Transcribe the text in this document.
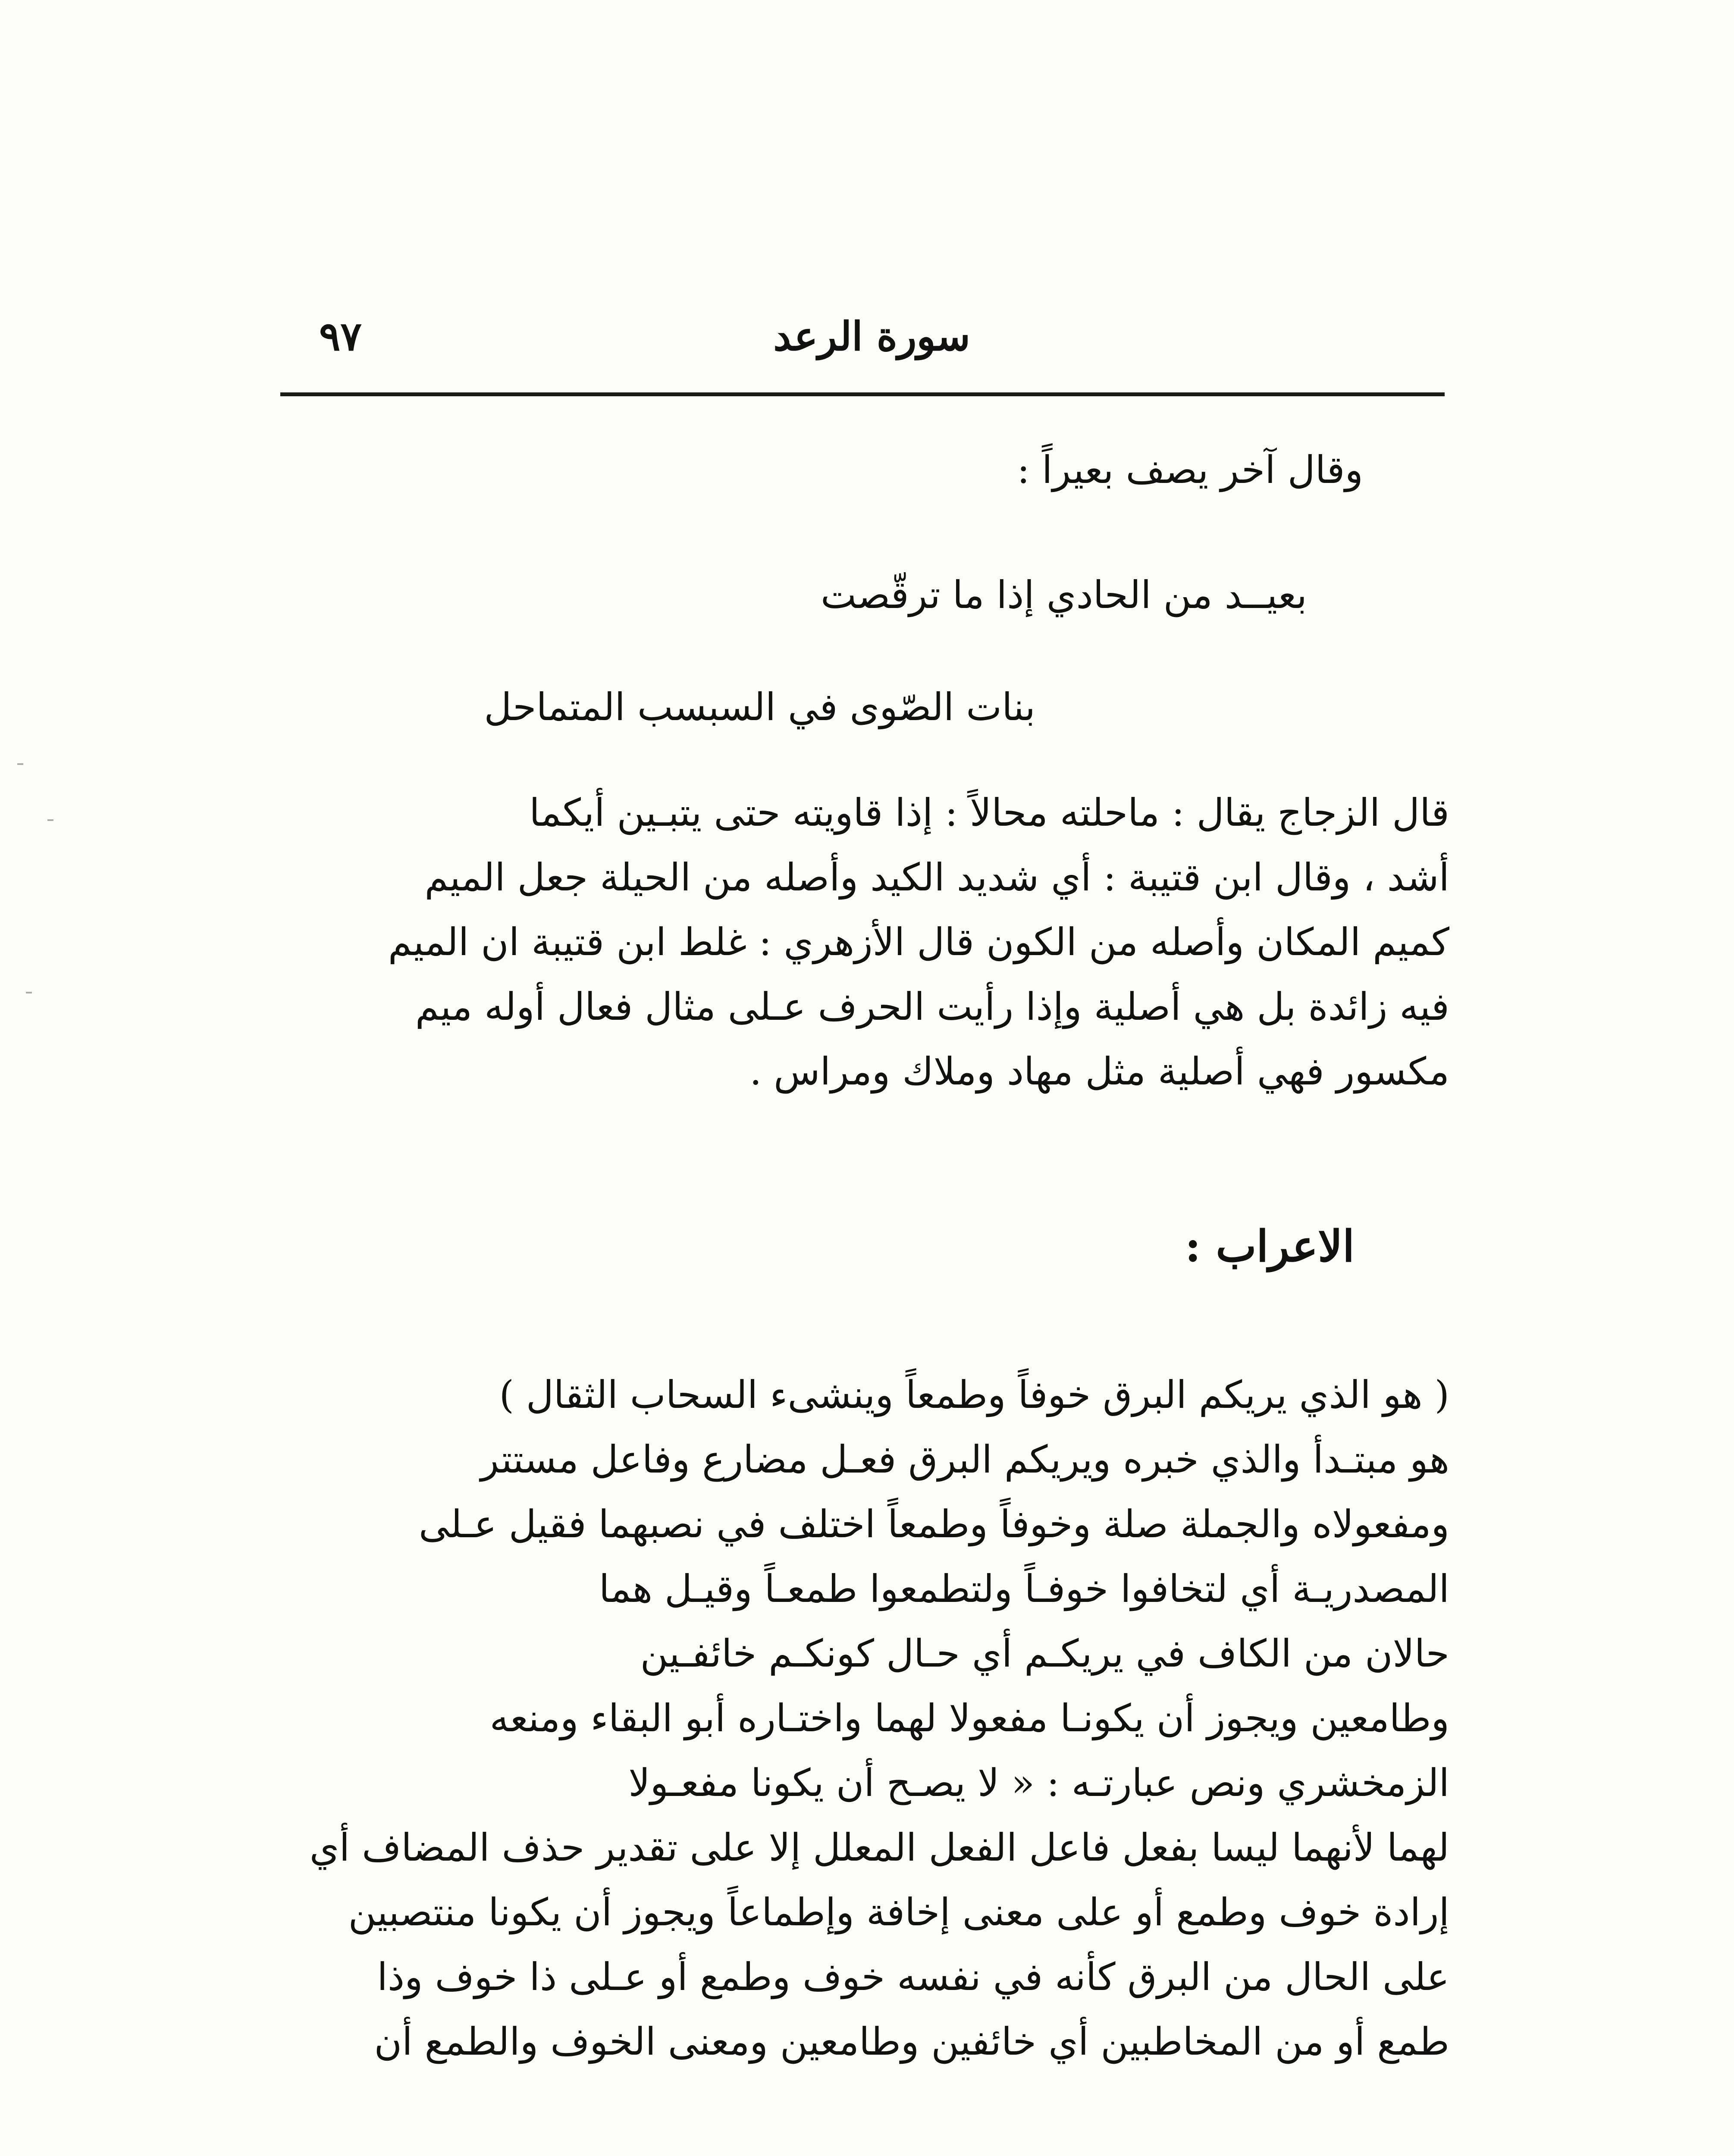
سورة الرعد
٩٧
وقال آخر يصف بعيراً :
بعيــد من الحادي إذا ما ترقّصت
بنات الصّوى في السبسب المتماحل
قال الزجاج يقال : ماحلته محالاً : إذا قاويته حتى يتبـين أيكما
أشد ، وقال ابن قتيبة : أي شديد الكيد وأصله من الحيلة جعل الميم
كميم المكان وأصله من الكون قال الأزهري : غلط ابن قتيبة ان الميم
فيه زائدة بل هي أصلية وإذا رأيت الحرف عـلى مثال فعال أوله ميم
مكسور فهي أصلية مثل مهاد وملاك ومراس .
الاعراب :
( هو الذي يريكم البرق خوفاً وطمعاً وينشىء السحاب الثقال )
هو مبتـدأ والذي خبره ويريكم البرق فعـل مضارع وفاعل مستتر
ومفعولاه والجملة صلة وخوفاً وطمعاً اختلف في نصبهما فقيل عـلى
المصدريـة أي لتخافوا خوفـاً ولتطمعوا طمعـاً وقيـل هما
حالان من الكاف في يريكـم أي حـال كونكـم خائفـين
وطامعين ويجوز أن يكونـا مفعولا لهما واختـاره أبو البقاء ومنعه
الزمخشري ونص عبارتـه : « لا يصـح أن يكونا مفعـولا
لهما لأنهما ليسا بفعل فاعل الفعل المعلل إلا على تقدير حذف المضاف أي
إرادة خوف وطمع أو على معنى إخافة وإطماعاً ويجوز أن يكونا منتصبين
على الحال من البرق كأنه في نفسه خوف وطمع أو عـلى ذا خوف وذا
طمع أو من المخاطبين أي خائفين وطامعين ومعنى الخوف والطمع أن
